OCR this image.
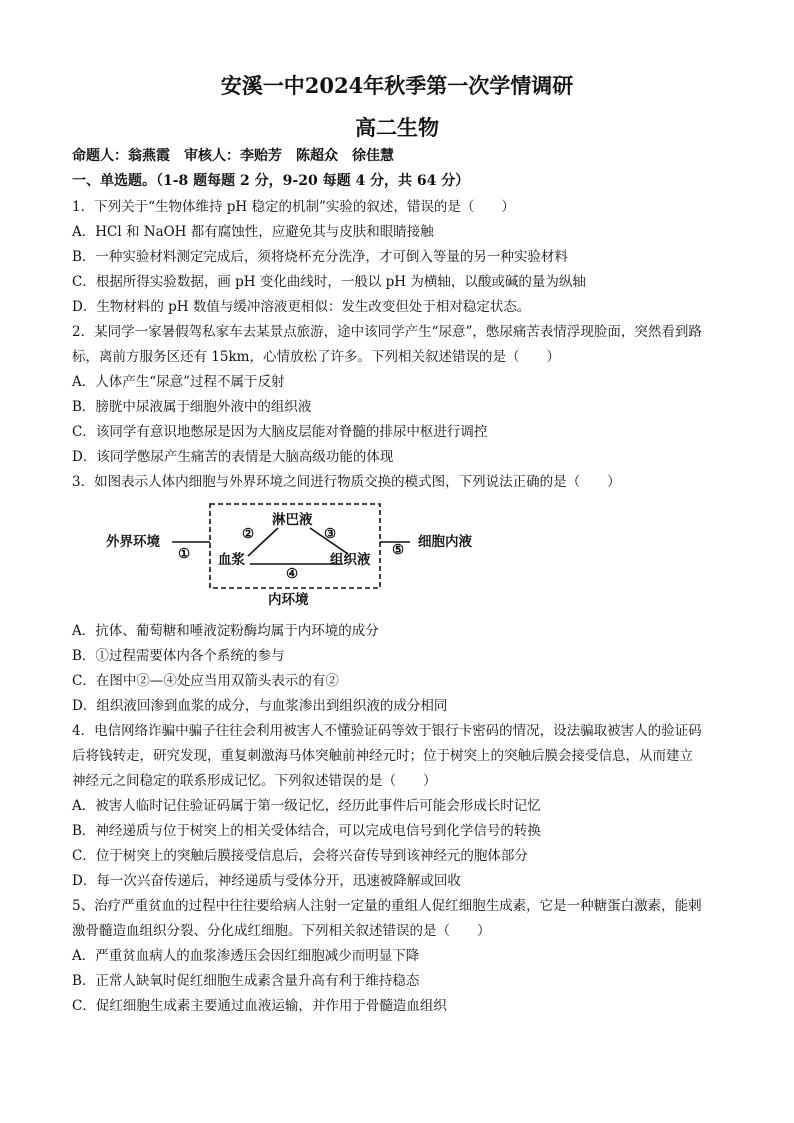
安溪一中2024年秋季第一次学情调研
高二生物
命题人：翁燕霞　审核人：李贻芳　陈超众　徐佳慧
一、单选题。（1-8 题每题 2 分，9-20 每题 4 分，共 64 分）
1．下列关于“生物体维持 pH 稳定的机制”实验的叙述，错误的是（　　）
A．HCl 和 NaOH 都有腐蚀性，应避免其与皮肤和眼睛接触
B．一种实验材料测定完成后，须将烧杯充分洗净，才可倒入等量的另一种实验材料
C．根据所得实验数据，画 pH 变化曲线时，一般以 pH 为横轴，以酸或碱的量为纵轴
D．生物材料的 pH 数值与缓冲溶液更相似：发生改变但处于相对稳定状态。
2．某同学一家暑假驾私家车去某景点旅游，途中该同学产生“尿意”，憋尿痛苦表情浮现脸面，突然看到路
标，离前方服务区还有 15km，心情放松了许多。下列相关叙述错误的是（　　）
A．人体产生“尿意”过程不属于反射
B．膀胱中尿液属于细胞外液中的组织液
C．该同学有意识地憋尿是因为大脑皮层能对脊髓的排尿中枢进行调控
D．该同学憋尿产生痛苦的表情是大脑高级功能的体现
3．如图表示人体内细胞与外界环境之间进行物质交换的模式图，下列说法正确的是（　　）
外界环境
①
淋巴液
②	③
血浆	组织液
④
⑤ 细胞内液
内环境
A．抗体、葡萄糖和唾液淀粉酶均属于内环境的成分
B．①过程需要体内各个系统的参与
C．在图中②—④处应当用双箭头表示的有②
D．组织液回渗到血浆的成分，与血浆渗出到组织液的成分相同
4．电信网络诈骗中骗子往往会利用被害人不懂验证码等效于银行卡密码的情况，设法骗取被害人的验证码
后将钱转走，研究发现，重复刺激海马体突触前神经元时；位于树突上的突触后膜会接受信息，从而建立
神经元之间稳定的联系形成记忆。下列叙述错误的是（　　）
A．被害人临时记住验证码属于第一级记忆，经历此事件后可能会形成长时记忆
B．神经递质与位于树突上的相关受体结合，可以完成电信号到化学信号的转换
C．位于树突上的突触后膜接受信息后，会将兴奋传导到该神经元的胞体部分
D．每一次兴奋传递后，神经递质与受体分开，迅速被降解或回收
5、治疗严重贫血的过程中往往要给病人注射一定量的重组人促红细胞生成素，它是一种糖蛋白激素，能刺
激骨髓造血组织分裂、分化成红细胞。下列相关叙述错误的是（　　）
A．严重贫血病人的血浆渗透压会因红细胞减少而明显下降
B．正常人缺氧时促红细胞生成素含量升高有利于维持稳态
C．促红细胞生成素主要通过血液运输，并作用于骨髓造血组织
